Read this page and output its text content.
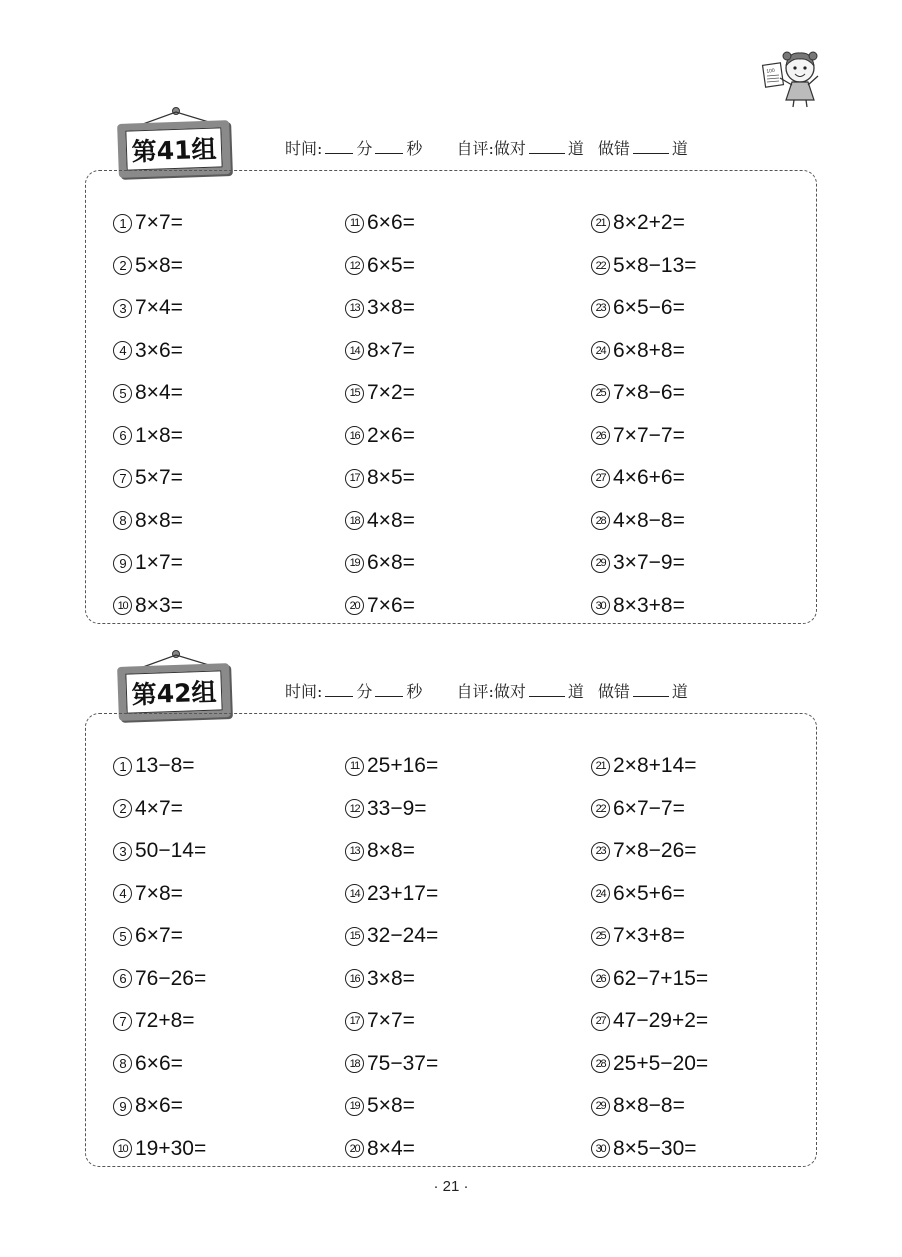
100
第41组	时间: 分 秒 自评:做对	道 做错	道
1 7×7=
2 5×8=
3 7×4=
4 3×6=
5 8×4=
6 1×8=
7 5×7=
8 8×8=
9 1×7=
10 8×3=
11 6×6=
12 6×5=
13 3×8=
14 8×7=
15 7×2=
16 2×6=
17 8×5=
18 4×8=
19 6×8=
20 7×6=
21 8×2+2=
22 5×8−13=
23 6×5−6=
24 6×8+8=
25 7×8−6=
26 7×7−7=
27 4×6+6=
28 4×8−8=
29 3×7−9=
30 8×3+8=
第42组	时间: 分 秒 自评:做对	道 做错	道
1 13−8=
2 4×7=
3 50−14=
4 7×8=
5 6×7=
6 76−26=
7 72+8=
8 6×6=
9 8×6=
10 19+30=
11 25+16=
12 33−9=
13 8×8=
14 23+17=
15 32−24=
16 3×8=
17 7×7=
18 75−37=
19 5×8=
20 8×4=
21 2×8+14=
22 6×7−7=
23 7×8−26=
24 6×5+6=
25 7×3+8=
26 62−7+15=
27 47−29+2=
28 25+5−20=
29 8×8−8=
30 8×5−30=
· 21 ·
